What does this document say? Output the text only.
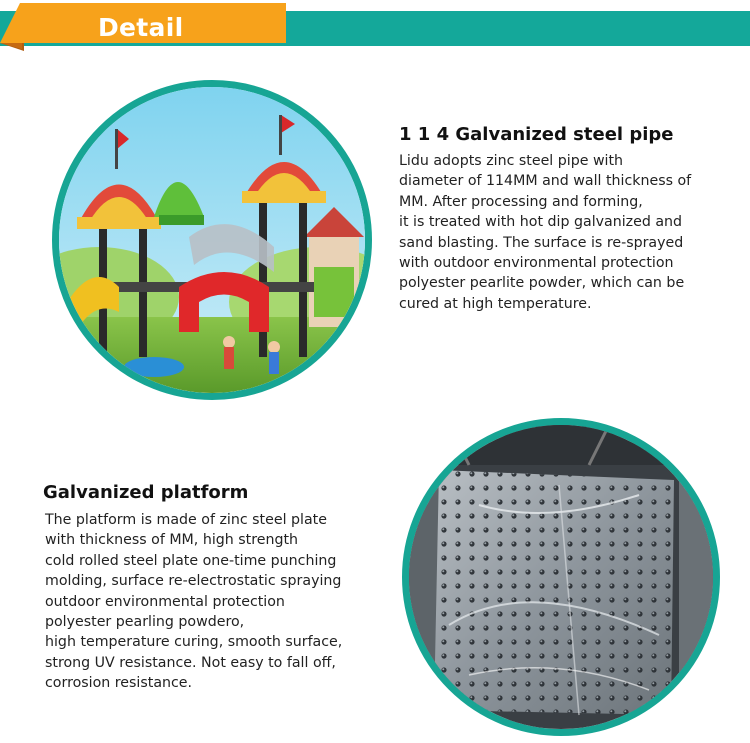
Detail
1 1 4 Galvanized steel pipe
Lidu adopts zinc steel pipe with
diameter of 114MM and wall thickness of
MM. After processing and forming,
it is treated with hot dip galvanized and
sand blasting. The surface is re-sprayed
with outdoor environmental protection
polyester pearlite powder, which can be
cured at high temperature.
Galvanized platform
The platform is made of zinc steel plate
with thickness of MM, high strength
cold rolled steel plate one-time punching
molding, surface re-electrostatic spraying
outdoor environmental protection
polyester pearling powdero,
high temperature curing, smooth surface,
strong UV resistance. Not easy to fall off,
corrosion resistance.
